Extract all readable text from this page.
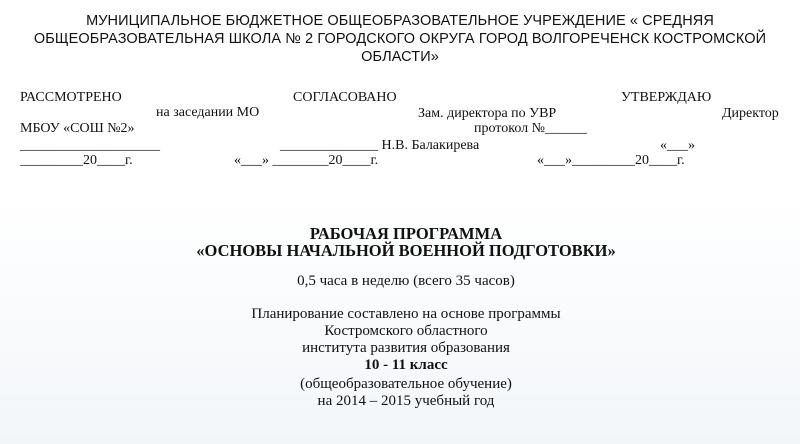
МУНИЦИПАЛЬНОЕ БЮДЖЕТНОЕ ОБЩЕОБРАЗОВАТЕЛЬНОЕ УЧРЕЖДЕНИЕ « СРЕДНЯЯ
ОБЩЕОБРАЗОВАТЕЛЬНАЯ ШКОЛА № 2 ГОРОДСКОГО ОКРУГА ГОРОД ВОЛГОРЕЧЕНСК КОСТРОМСКОЙ
ОБЛАСТИ»
РАССМОТРЕНО	СОГЛАСОВАНО	УТВЕРЖДАЮ
на заседании МО	Зам. директора по УВР	Директор
МБОУ «СОШ №2»	протокол №______
____________________	______________ Н.В. Балакирева	«___»
_________20____г.	«___» ________20____г.	«___»_________20____г.
РАБОЧАЯ ПРОГРАММА
«ОСНОВЫ НАЧАЛЬНОЙ ВОЕННОЙ ПОДГОТОВКИ»
0,5 часа в неделю (всего 35 часов)
Планирование составлено на основе программы
Костромского областного
института развития образования
10 - 11 класс
(общеобразовательное обучение)
на 2014 – 2015 учебный год
